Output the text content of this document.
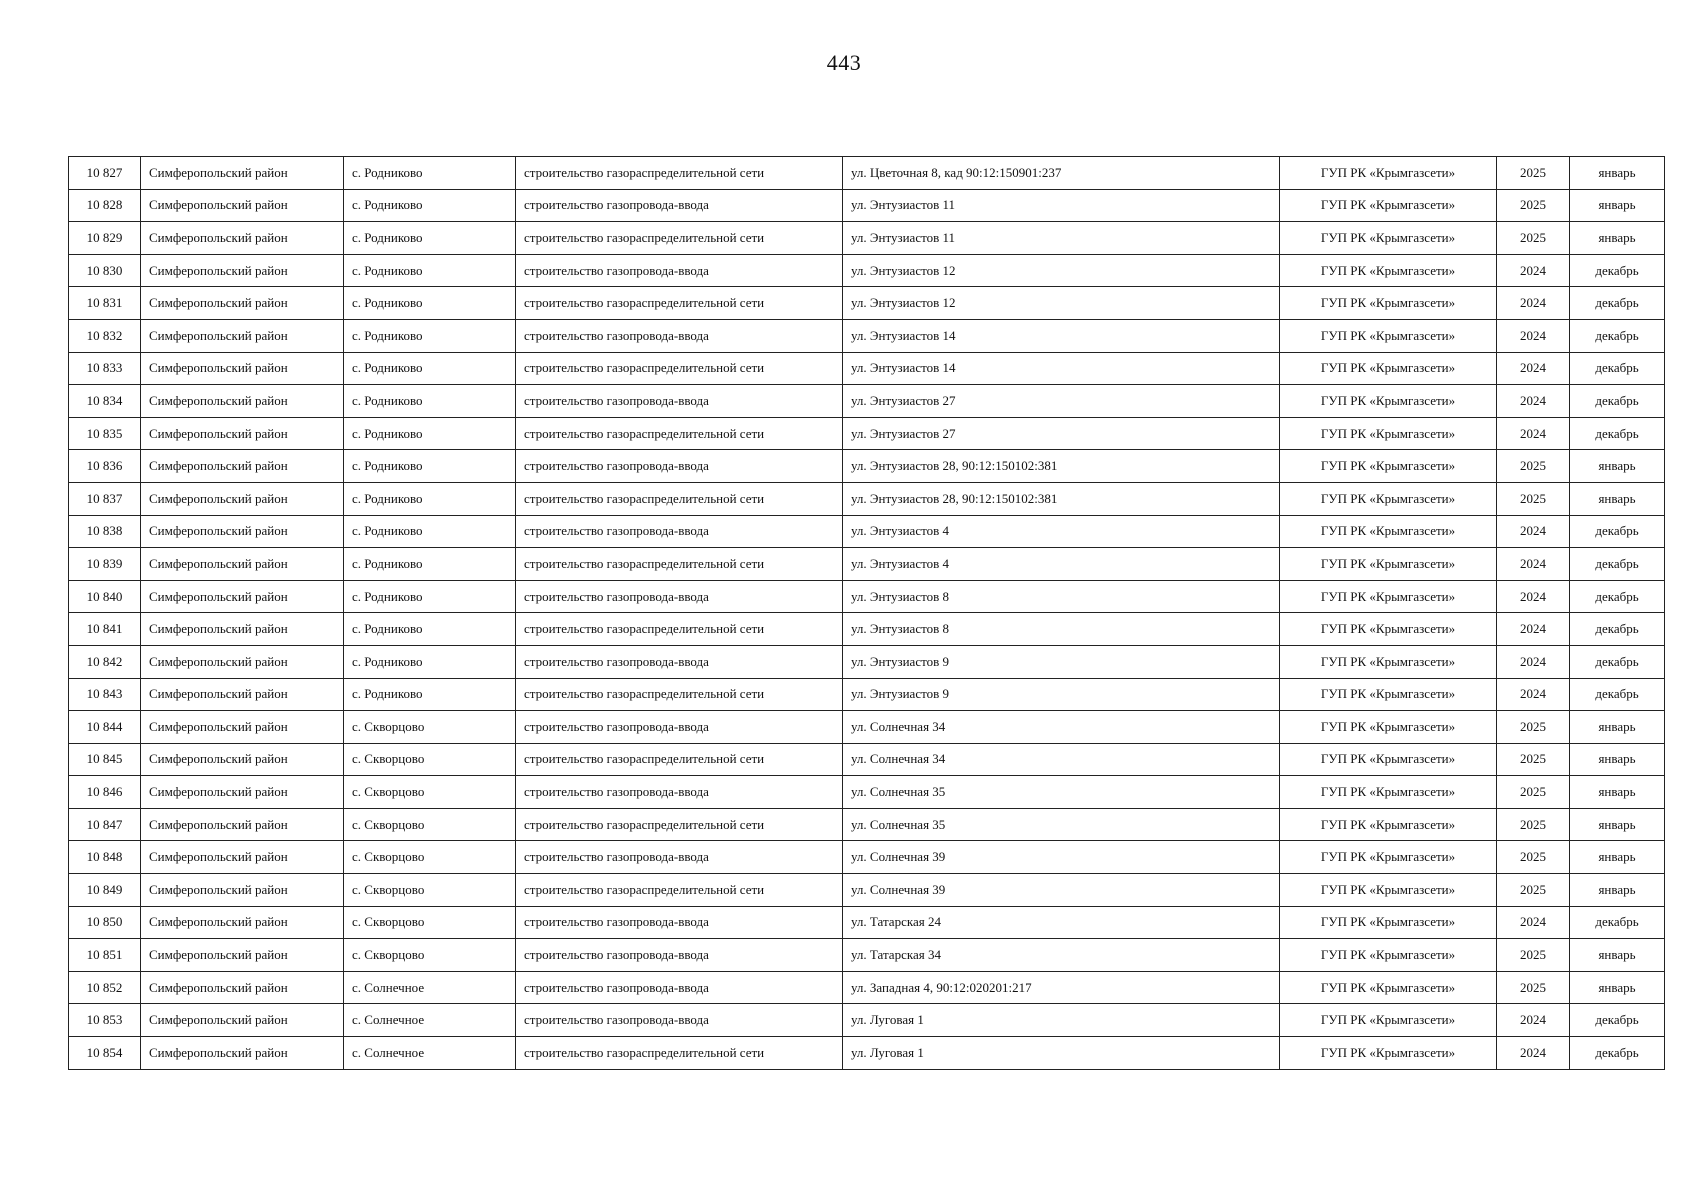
443
10 827	Симферопольский район	с. Родниково	строительство газораспределительной сети	ул. Цветочная 8, кад 90:12:150901:237	ГУП РК «Крымгазсети»	2025	январь
10 828	Симферопольский район	с. Родниково	строительство газопровода-ввода	ул. Энтузиастов 11	ГУП РК «Крымгазсети»	2025	январь
10 829	Симферопольский район	с. Родниково	строительство газораспределительной сети	ул. Энтузиастов 11	ГУП РК «Крымгазсети»	2025	январь
10 830	Симферопольский район	с. Родниково	строительство газопровода-ввода	ул. Энтузиастов 12	ГУП РК «Крымгазсети»	2024	декабрь
10 831	Симферопольский район	с. Родниково	строительство газораспределительной сети	ул. Энтузиастов 12	ГУП РК «Крымгазсети»	2024	декабрь
10 832	Симферопольский район	с. Родниково	строительство газопровода-ввода	ул. Энтузиастов 14	ГУП РК «Крымгазсети»	2024	декабрь
10 833	Симферопольский район	с. Родниково	строительство газораспределительной сети	ул. Энтузиастов 14	ГУП РК «Крымгазсети»	2024	декабрь
10 834	Симферопольский район	с. Родниково	строительство газопровода-ввода	ул. Энтузиастов 27	ГУП РК «Крымгазсети»	2024	декабрь
10 835	Симферопольский район	с. Родниково	строительство газораспределительной сети	ул. Энтузиастов 27	ГУП РК «Крымгазсети»	2024	декабрь
10 836	Симферопольский район	с. Родниково	строительство газопровода-ввода	ул. Энтузиастов 28, 90:12:150102:381	ГУП РК «Крымгазсети»	2025	январь
10 837	Симферопольский район	с. Родниково	строительство газораспределительной сети	ул. Энтузиастов 28, 90:12:150102:381	ГУП РК «Крымгазсети»	2025	январь
10 838	Симферопольский район	с. Родниково	строительство газопровода-ввода	ул. Энтузиастов 4	ГУП РК «Крымгазсети»	2024	декабрь
10 839	Симферопольский район	с. Родниково	строительство газораспределительной сети	ул. Энтузиастов 4	ГУП РК «Крымгазсети»	2024	декабрь
10 840	Симферопольский район	с. Родниково	строительство газопровода-ввода	ул. Энтузиастов 8	ГУП РК «Крымгазсети»	2024	декабрь
10 841	Симферопольский район	с. Родниково	строительство газораспределительной сети	ул. Энтузиастов 8	ГУП РК «Крымгазсети»	2024	декабрь
10 842	Симферопольский район	с. Родниково	строительство газопровода-ввода	ул. Энтузиастов 9	ГУП РК «Крымгазсети»	2024	декабрь
10 843	Симферопольский район	с. Родниково	строительство газораспределительной сети	ул. Энтузиастов 9	ГУП РК «Крымгазсети»	2024	декабрь
10 844	Симферопольский район	с. Скворцово	строительство газопровода-ввода	ул. Солнечная 34	ГУП РК «Крымгазсети»	2025	январь
10 845	Симферопольский район	с. Скворцово	строительство газораспределительной сети	ул. Солнечная 34	ГУП РК «Крымгазсети»	2025	январь
10 846	Симферопольский район	с. Скворцово	строительство газопровода-ввода	ул. Солнечная 35	ГУП РК «Крымгазсети»	2025	январь
10 847	Симферопольский район	с. Скворцово	строительство газораспределительной сети	ул. Солнечная 35	ГУП РК «Крымгазсети»	2025	январь
10 848	Симферопольский район	с. Скворцово	строительство газопровода-ввода	ул. Солнечная 39	ГУП РК «Крымгазсети»	2025	январь
10 849	Симферопольский район	с. Скворцово	строительство газораспределительной сети	ул. Солнечная 39	ГУП РК «Крымгазсети»	2025	январь
10 850	Симферопольский район	с. Скворцово	строительство газопровода-ввода	ул. Татарская 24	ГУП РК «Крымгазсети»	2024	декабрь
10 851	Симферопольский район	с. Скворцово	строительство газопровода-ввода	ул. Татарская 34	ГУП РК «Крымгазсети»	2025	январь
10 852	Симферопольский район	с. Солнечное	строительство газопровода-ввода	ул. Западная 4, 90:12:020201:217	ГУП РК «Крымгазсети»	2025	январь
10 853	Симферопольский район	с. Солнечное	строительство газопровода-ввода	ул. Луговая 1	ГУП РК «Крымгазсети»	2024	декабрь
10 854	Симферопольский район	с. Солнечное	строительство газораспределительной сети	ул. Луговая 1	ГУП РК «Крымгазсети»	2024	декабрь
